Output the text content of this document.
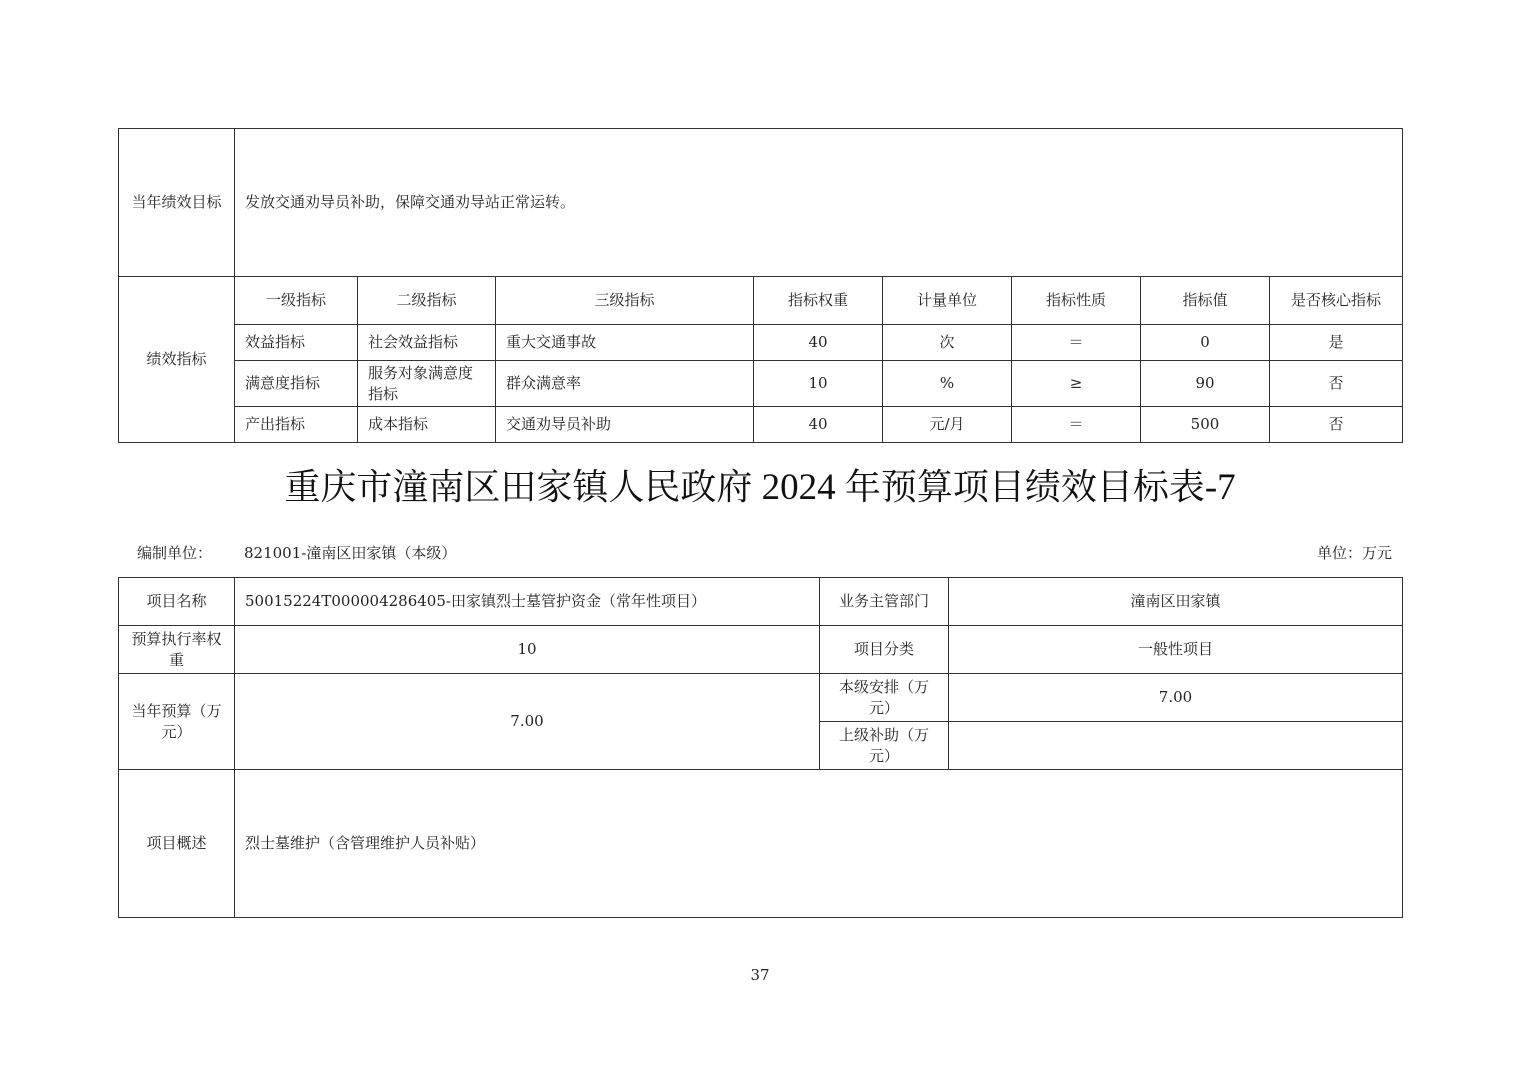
当年绩效目标	发放交通劝导员补助，保障交通劝导站正常运转。							
绩效指标	一级指标	二级指标	三级指标	指标权重	计量单位	指标性质	指标值	是否核心指标
	效益指标	社会效益指标	重大交通事故	40	次	＝	0	是
	满意度指标	服务对象满意度指标	群众满意率	10	%	≥	90	否
	产出指标	成本指标	交通劝导员补助	40	元/月	＝	500	否
重庆市潼南区田家镇人民政府 2024 年预算项目绩效目标表-7
编制单位： 821001-潼南区田家镇（本级）	单位：万元
项目名称	50015224T000004286405-田家镇烈士墓管护资金（常年性项目）	业务主管部门	潼南区田家镇
预算执行率权重	10	项目分类	一般性项目
当年预算（万元）	7.00	本级安排（万元）	7.00
		上级补助（万元）	
项目概述	烈士墓维护（含管理维护人员补贴）		
37
